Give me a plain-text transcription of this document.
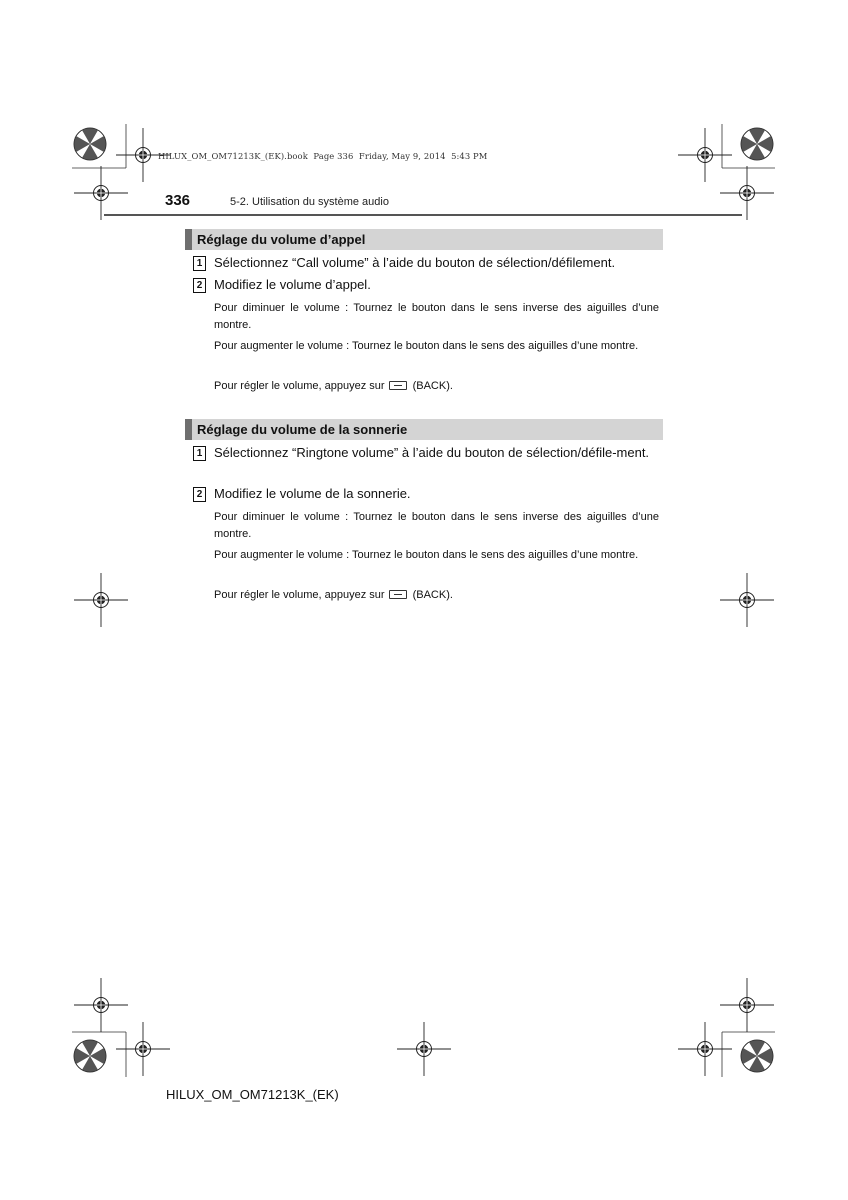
HILUX_OM_OM71213K_(EK).book  Page 336  Friday, May 9, 2014  5:43 PM
336	5-2. Utilisation du système audio
Réglage du volume d’appel
1 Sélectionnez “Call volume” à l’aide du bouton de sélection/défilement.
2 Modifiez le volume d’appel.
Pour diminuer le volume : Tournez le bouton dans le sens inverse des aiguilles d’une montre.
Pour augmenter le volume : Tournez le bouton dans le sens des aiguilles d’une montre.
Pour régler le volume, appuyez sur	(BACK).
Réglage du volume de la sonnerie
1 Sélectionnez “Ringtone volume” à l’aide du bouton de sélection/défile-ment.
2 Modifiez le volume de la sonnerie.
Pour diminuer le volume : Tournez le bouton dans le sens inverse des aiguilles d’une montre.
Pour augmenter le volume : Tournez le bouton dans le sens des aiguilles d’une montre.
Pour régler le volume, appuyez sur	(BACK).
HILUX_OM_OM71213K_(EK)
